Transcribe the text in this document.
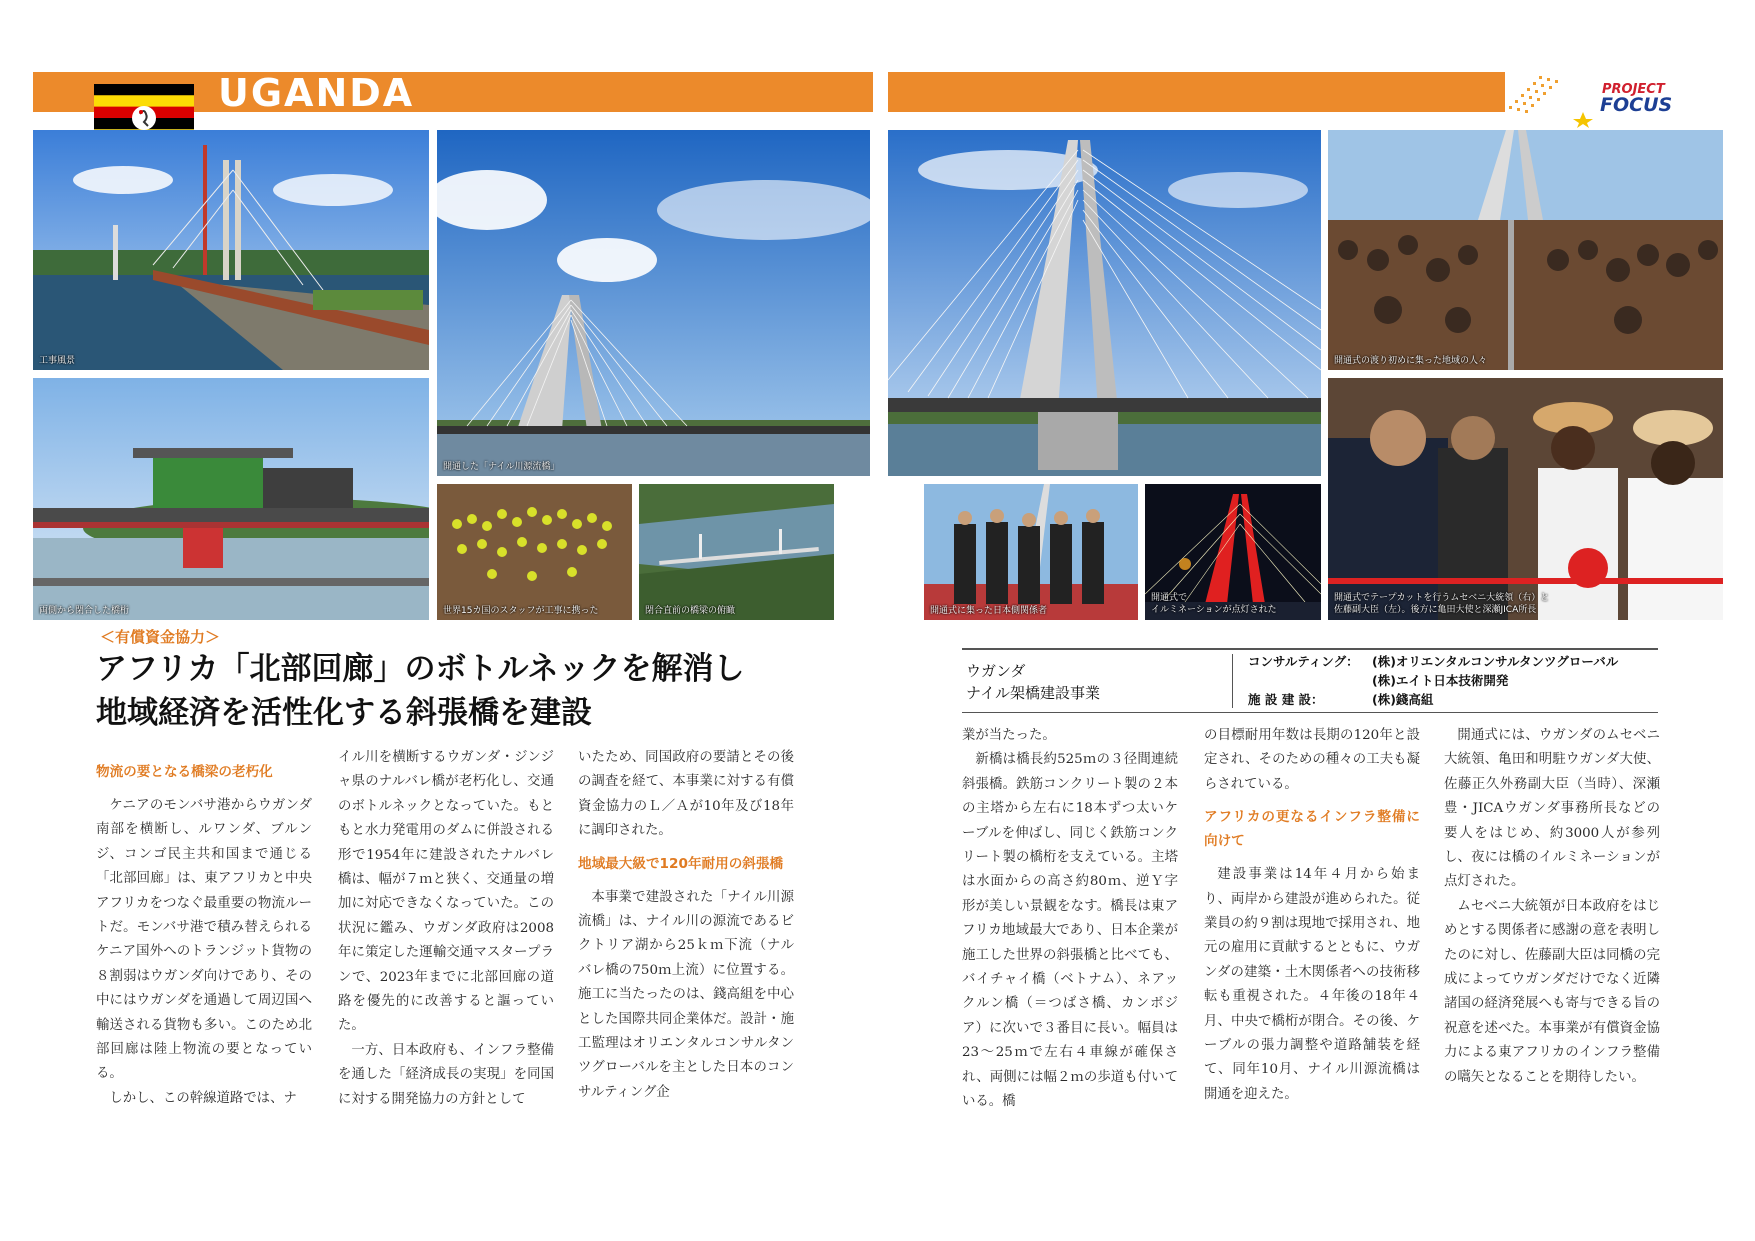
UGANDA	PROJECT
FOCUS
工事風景
両側から閉合した橋桁
開通した「ナイル川源流橋」
世界15カ国のスタッフが工事に携った	閉合直前の橋梁の俯瞰
開通式の渡り初めに集った地域の人々
開通式に集った日本側関係者
開通式で
イルミネーションが点灯された
開通式でテープカットを行うムセベニ大統領（右）と
佐藤副大臣（左）。後方に亀田大使と深瀬JICA所長
＜有償資金協力＞
アフリカ「北部回廊」のボトルネックを解消し
地域経済を活性化する斜張橋を建設
ウガンダ
ナイル架橋建設事業
コンサルティング： (株)オリエンタルコンサルタンツグローバル
(株)エイト日本技術開発
施 設 建 設：	(株)錢高組

物流の要となる橋梁の老朽化

ケニアのモンバサ港からウガンダ南部を横断し、ルワンダ、ブルンジ、コンゴ民主共和国まで通じる「北部回廊」は、東アフリカと中央アフリカをつなぐ最重要の物流ルートだ。モンバサ港で積み替えられるケニア国外へのトランジット貨物の８割弱はウガンダ向けであり、その中にはウガンダを通過して周辺国へ輸送される貨物も多い。このため北部回廊は陸上物流の要となっている。

しかし、この幹線道路では、ナ

イル川を横断するウガンダ・ジンジャ県のナルバレ橋が老朽化し、交通のボトルネックとなっていた。もともと水力発電用のダムに併設される形で1954年に建設されたナルバレ橋は、幅が７ｍと狭く、交通量の増加に対応できなくなっていた。この状況に鑑み、ウガンダ政府は2008年に策定した運輸交通マスタープランで、2023年までに北部回廊の道路を優先的に改善すると謳っていた。

一方、日本政府も、インフラ整備を通した「経済成長の実現」を同国に対する開発協力の方針として

いたため、同国政府の要請とその後の調査を経て、本事業に対する有償資金協力のＬ／Ａが10年及び18年に調印された。

地域最大級で120年耐用の斜張橋

本事業で建設された「ナイル川源流橋」は、ナイル川の源流であるビクトリア湖から25ｋｍ下流（ナルバレ橋の750ｍ上流）に位置する。施工に当たったのは、錢高組を中心とした国際共同企業体だ。設計・施工監理はオリエンタルコンサルタンツグローバルを主とした日本のコンサルティング企

業が当たった。

新橋は橋長約525ｍの３径間連続斜張橋。鉄筋コンクリート製の２本の主塔から左右に18本ずつ太いケーブルを伸ばし、同じく鉄筋コンクリート製の橋桁を支えている。主塔は水面からの高さ約80ｍ、逆Ｙ字形が美しい景観をなす。橋長は東アフリカ地域最大であり、日本企業が施工した世界の斜張橋と比べても、バイチャイ橋（ベトナム）、ネアックルン橋（＝つばさ橋、カンボジア）に次いで３番目に長い。幅員は23～25ｍで左右４車線が確保され、両側には幅２ｍの歩道も付いている。橋

の目標耐用年数は長期の120年と設定され、そのための種々の工夫も凝らされている。

アフリカの更なるインフラ整備に向けて

建設事業は14年４月から始まり、両岸から建設が進められた。従業員の約９割は現地で採用され、地元の雇用に貢献するとともに、ウガンダの建築・土木関係者への技術移転も重視された。４年後の18年４月、中央で橋桁が閉合。その後、ケーブルの張力調整や道路舗装を経て、同年10月、ナイル川源流橋は開通を迎えた。

開通式には、ウガンダのムセベニ大統領、亀田和明駐ウガンダ大使、佐藤正久外務副大臣（当時）、深瀬豊・JICAウガンダ事務所長などの要人をはじめ、約3000人が参列し、夜には橋のイルミネーションが点灯された。

ムセベニ大統領が日本政府をはじめとする関係者に感謝の意を表明したのに対し、佐藤副大臣は同橋の完成によってウガンダだけでなく近隣諸国の経済発展へも寄与できる旨の祝意を述べた。本事業が有償資金協力による東アフリカのインフラ整備の嚆矢となることを期待したい。
